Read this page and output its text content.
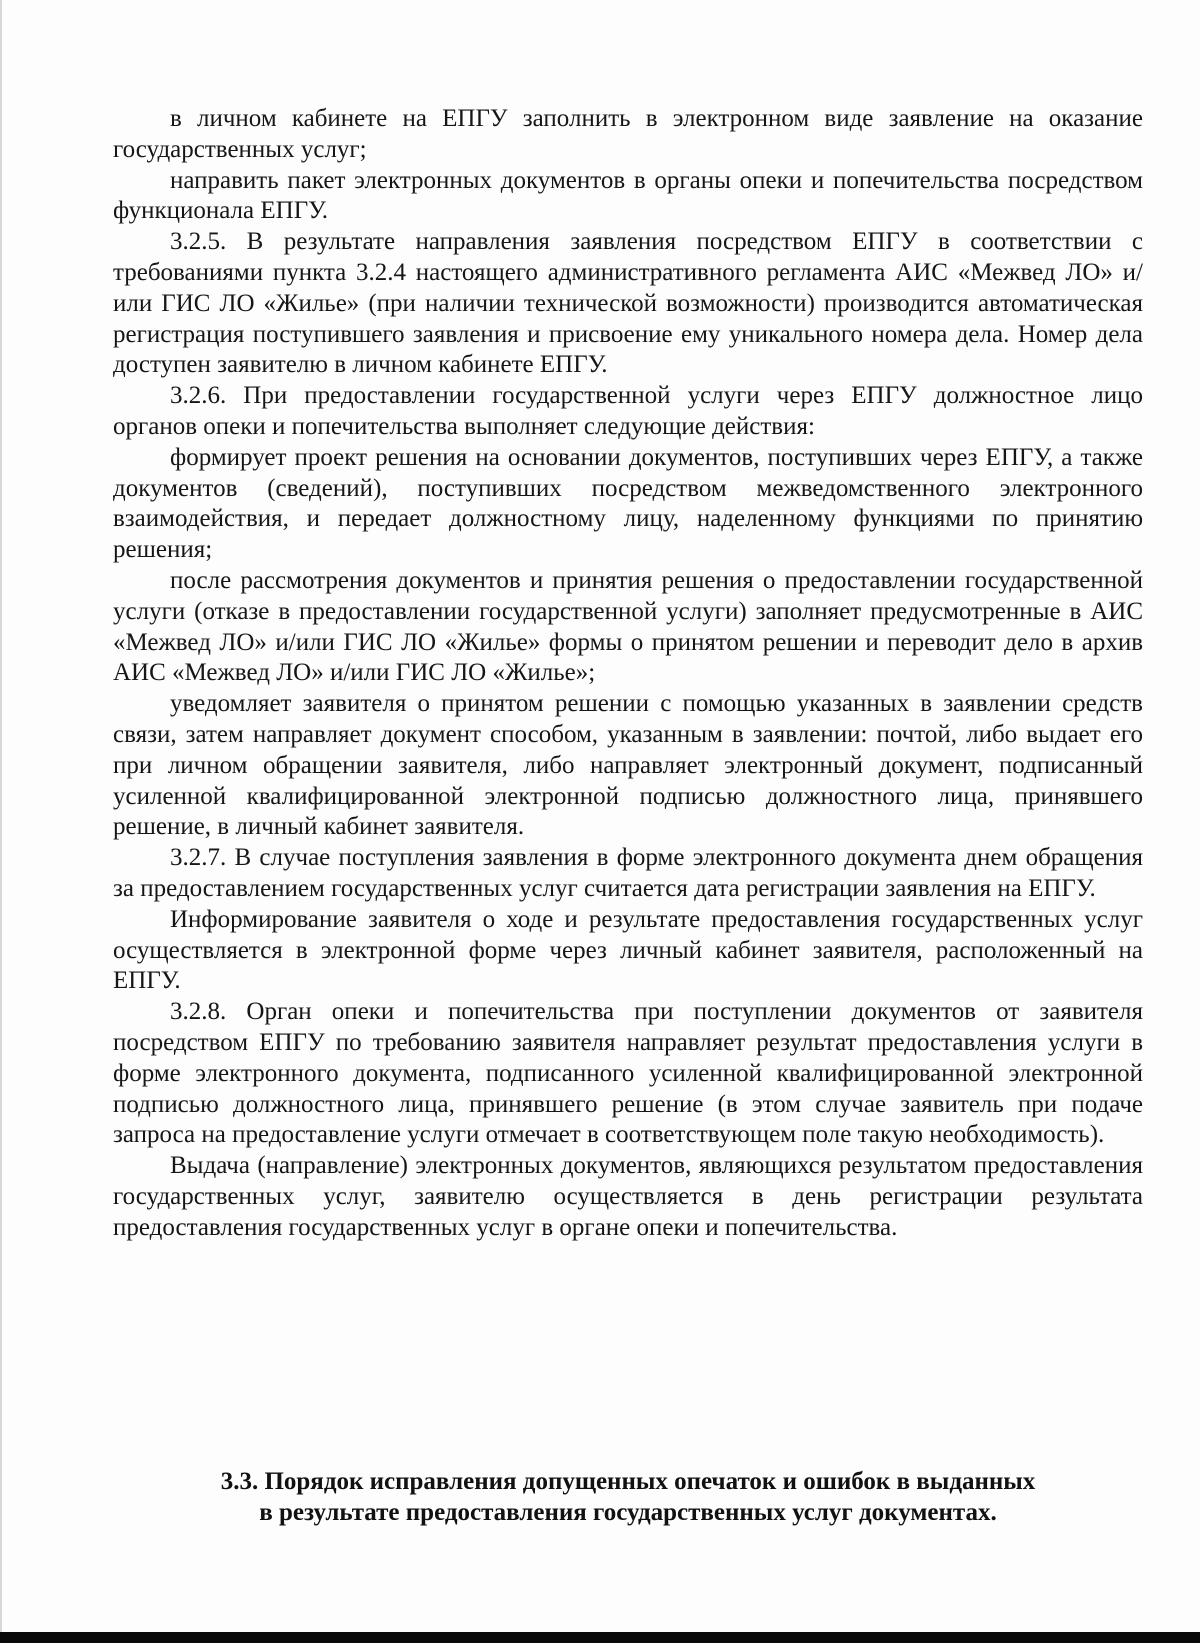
в личном кабинете на ЕПГУ заполнить в электронном виде заявление на оказание государственных услуг;

направить пакет электронных документов в органы опеки и попечительства посредством функционала ЕПГУ.

3.2.5. В результате направления заявления посредством ЕПГУ в соответствии с требованиями пункта 3.2.4 настоящего административного регламента АИС «Межвед ЛО» и/или ГИС ЛО «Жилье» (при наличии технической возможности) производится автоматическая регистрация поступившего заявления и присвоение ему уникального номера дела. Номер дела доступен заявителю в личном кабинете ЕПГУ.

3.2.6. При предоставлении государственной услуги через ЕПГУ должностное лицо органов опеки и попечительства выполняет следующие действия:

формирует проект решения на основании документов, поступивших через ЕПГУ, а также документов (сведений), поступивших посредством межведомственного электронного взаимодействия, и передает должностному лицу, наделенному функциями по принятию решения;

после рассмотрения документов и принятия решения о предоставлении государственной услуги (отказе в предоставлении государственной услуги) заполняет предусмотренные в АИС «Межвед ЛО» и/или ГИС ЛО «Жилье» формы о принятом решении и переводит дело в архив АИС «Межвед ЛО» и/или ГИС ЛО «Жилье»;

уведомляет заявителя о принятом решении с помощью указанных в заявлении средств связи, затем направляет документ способом, указанным в заявлении: почтой, либо выдает его при личном обращении заявителя, либо направляет электронный документ, подписанный усиленной квалифицированной электронной подписью должностного лица, принявшего решение, в личный кабинет заявителя.

3.2.7. В случае поступления заявления в форме электронного документа днем обращения за предоставлением государственных услуг считается дата регистрации заявления на ЕПГУ.

Информирование заявителя о ходе и результате предоставления государственных услуг осуществляется в электронной форме через личный кабинет заявителя, расположенный на ЕПГУ.

3.2.8. Орган опеки и попечительства при поступлении документов от заявителя посредством ЕПГУ по требованию заявителя направляет результат предоставления услуги в форме электронного документа, подписанного усиленной квалифицированной электронной подписью должностного лица, принявшего решение (в этом случае заявитель при подаче запроса на предоставление услуги отмечает в соответствующем поле такую необходимость).

Выдача (направление) электронных документов, являющихся результатом предоставления государственных услуг, заявителю осуществляется в день регистрации результата предоставления государственных услуг в органе опеки и попечительства.

3.3. Порядок исправления допущенных опечаток и ошибок в выданных
в результате предоставления государственных услуг документах.
